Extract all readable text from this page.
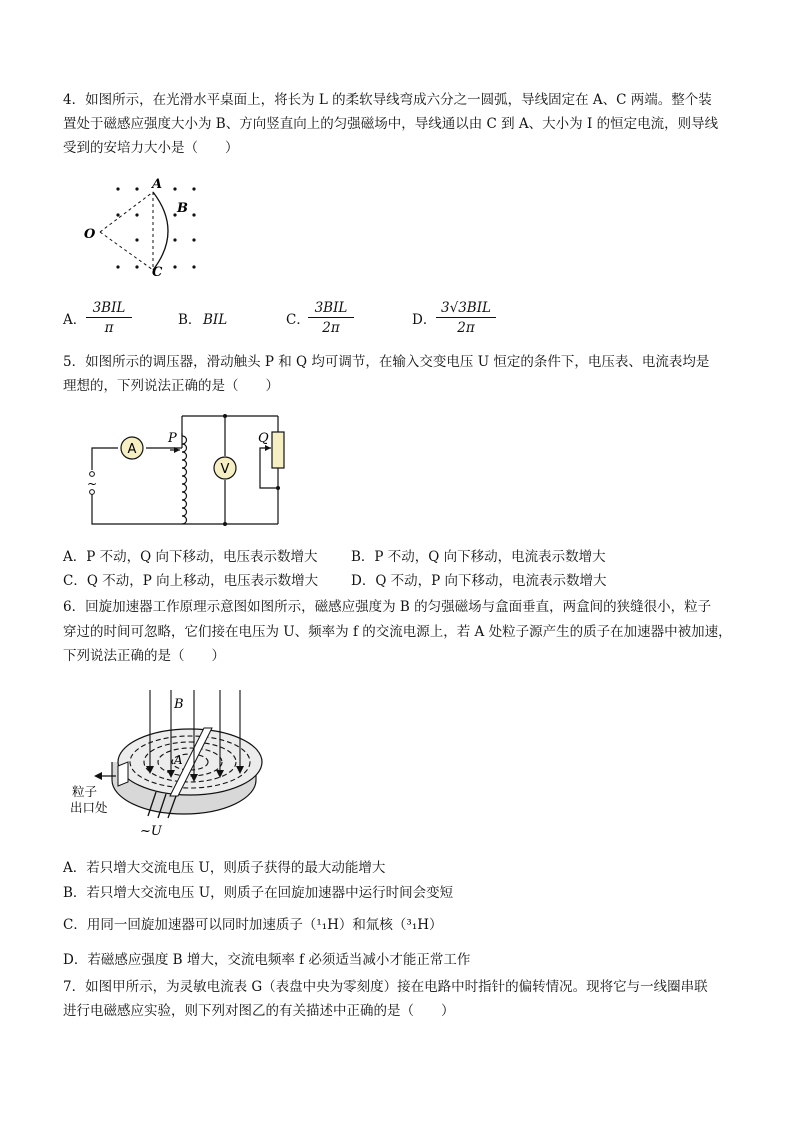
4．如图所示，在光滑水平桌面上，将长为 L 的柔软导线弯成六分之一圆弧，导线固定在 A、C 两端。整个装
置处于磁感应强度大小为 B、方向竖直向上的匀强磁场中，导线通以由 C 到 A、大小为 I 的恒定电流，则导线
受到的安培力大小是（　　）
A
B
C
O
A．
3BIL
π	B． BIL	C．
3BIL
2π	D．
3√3BIL
2π
5．如图所示的调压器，滑动触头 P 和 Q 均可调节，在输入交变电压 U 恒定的条件下，电压表、电流表均是
理想的，下列说法正确的是（　　）
A
V
P	Q
~
A．P 不动，Q 向下移动，电压表示数增大 B．P 不动，Q 向下移动，电流表示数增大
C．Q 不动，P 向上移动，电压表示数增大 D．Q 不动，P 向下移动，电流表示数增大
6．回旋加速器工作原理示意图如图所示，磁感应强度为 B 的匀强磁场与盒面垂直，两盒间的狭缝很小，粒子
穿过的时间可忽略，它们接在电压为 U、频率为 f 的交流电源上，若 A 处粒子源产生的质子在加速器中被加速，
下列说法正确的是（　　）
B
A
粒子
出口处
~U
A．若只增大交流电压 U，则质子获得的最大动能增大
B．若只增大交流电压 U，则质子在回旋加速器中运行时间会变短
C．用同一回旋加速器可以同时加速质子（¹₁H）和氚核（³₁H）
D．若磁感应强度 B 增大，交流电频率 f 必须适当减小才能正常工作
7．如图甲所示，为灵敏电流表 G（表盘中央为零刻度）接在电路中时指针的偏转情况。现将它与一线圈串联
进行电磁感应实验，则下列对图乙的有关描述中正确的是（　　）
